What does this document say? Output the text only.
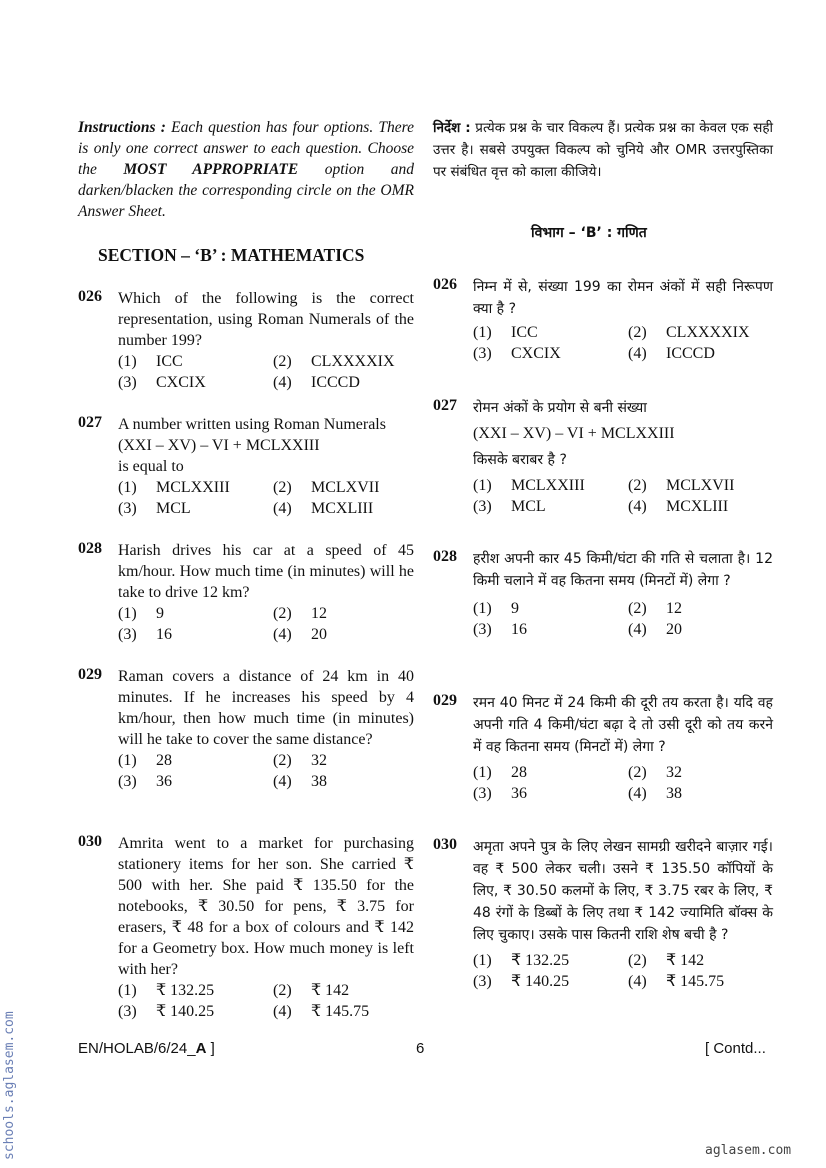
Instructions : Each question has four options. There is only one correct answer to each question. Choose the MOST APPROPRIATE option and darken/blacken the corresponding circle on the OMR Answer Sheet.
SECTION – ‘B’ : MATHEMATICS
026 Which of the following is the correct representation, using Roman Numerals of the number 199?
(1) ICC	(2) CLXXXXIX
(3) CXCIX	(4) ICCCD
027 A number written using Roman Numerals
(XXI – XV) – VI + MCLXXIII
is equal to
(1) MCLXXIII	(2) MCLXVII
(3) MCL	(4) MCXLIII
028 Harish drives his car at a speed of 45 km/hour. How much time (in minutes) will he take to drive 12 km?
(1) 9	(2) 12
(3) 16	(4) 20
029 Raman covers a distance of 24 km in 40 minutes. If he increases his speed by 4 km/hour, then how much time (in minutes) will he take to cover the same distance?
(1) 28	(2) 32
(3) 36	(4) 38
030 Amrita went to a market for purchasing stationery items for her son. She carried ₹ 500 with her. She paid ₹ 135.50 for the notebooks, ₹ 30.50 for pens, ₹ 3.75 for erasers, ₹ 48 for a box of colours and ₹ 142 for a Geometry box. How much money is left with her?
(1) ₹ 132.25	(2) ₹ 142
(3) ₹ 140.25	(4) ₹ 145.75
निर्देश : प्रत्येक प्रश्न के चार विकल्प हैं। प्रत्येक प्रश्न का केवल एक सही उत्तर है। सबसे उपयुक्त विकल्प को चुनिये और OMR उत्तरपुस्तिका पर संबंधित वृत्त को काला कीजिये।
विभाग – ‘B’ : गणित
026 निम्न में से, संख्या 199 का रोमन अंकों में सही निरूपण क्या है ?
(1) ICC	(2) CLXXXXIX
(3) CXCIX	(4) ICCCD
027 रोमन अंकों के प्रयोग से बनी संख्या
(XXI – XV) – VI + MCLXXIII
किसके बराबर है ?
(1) MCLXXIII	(2) MCLXVII
(3) MCL	(4) MCXLIII
028 हरीश अपनी कार 45 किमी/घंटा की गति से चलाता है। 12 किमी चलाने में वह कितना समय (मिनटों में) लेगा ?
(1) 9	(2) 12
(3) 16	(4) 20
029 रमन 40 मिनट में 24 किमी की दूरी तय करता है। यदि वह अपनी गति 4 किमी/घंटा बढ़ा दे तो उसी दूरी को तय करने में वह कितना समय (मिनटों में) लेगा ?
(1) 28	(2) 32
(3) 36	(4) 38
030 अमृता अपने पुत्र के लिए लेखन सामग्री खरीदने बाज़ार गई। वह ₹ 500 लेकर चली। उसने ₹ 135.50 कॉपियों के लिए, ₹ 30.50 कलमों के लिए, ₹ 3.75 रबर के लिए, ₹ 48 रंगों के डिब्बों के लिए तथा ₹ 142 ज्यामिति बॉक्स के लिए चुकाए। उसके पास कितनी राशि शेष बची है ?
(1) ₹ 132.25	(2) ₹ 142
(3) ₹ 140.25	(4) ₹ 145.75
EN/HOLAB/6/24_A ]	6	[ Contd...
schools.aglasem.com	aglasem.com
